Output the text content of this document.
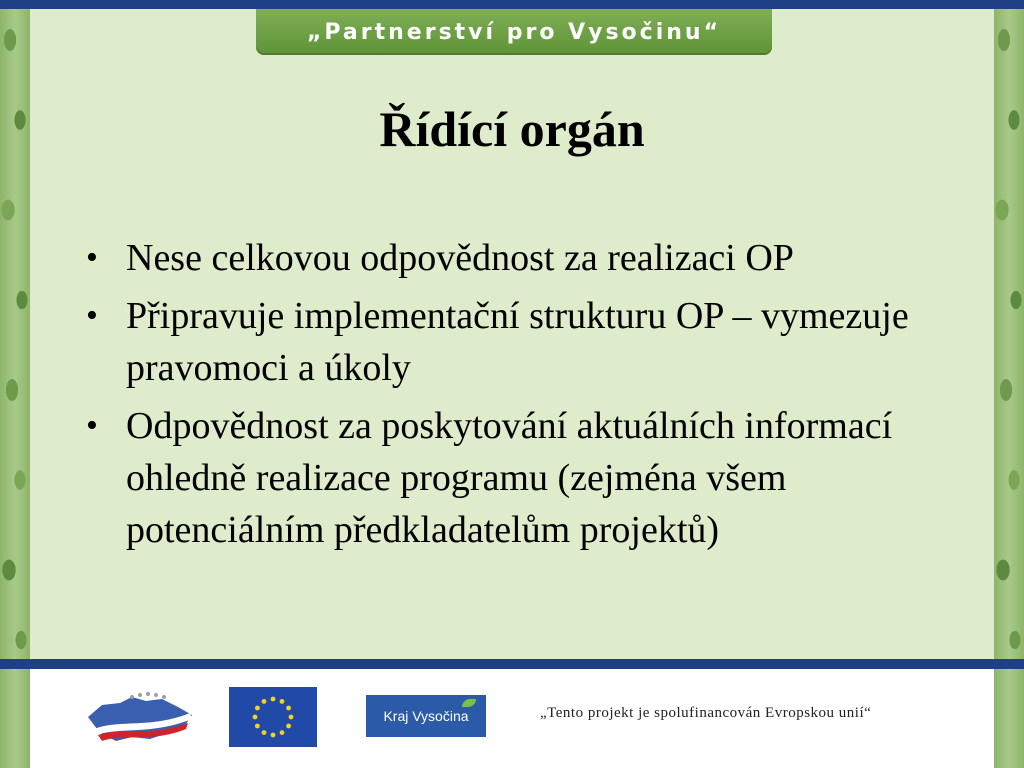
„Partnerství pro Vysočinu“
Řídící orgán
• Nese celkovou odpovědnost za realizaci OP
• Připravuje implementační strukturu OP – vymezuje pravomoci a úkoly
• Odpovědnost za poskytování aktuálních informací ohledně realizace programu (zejména všem potenciálním předkladatelům projektů)
Kraj Vysočina	„Tento projekt je spolufinancován Evropskou unií“
